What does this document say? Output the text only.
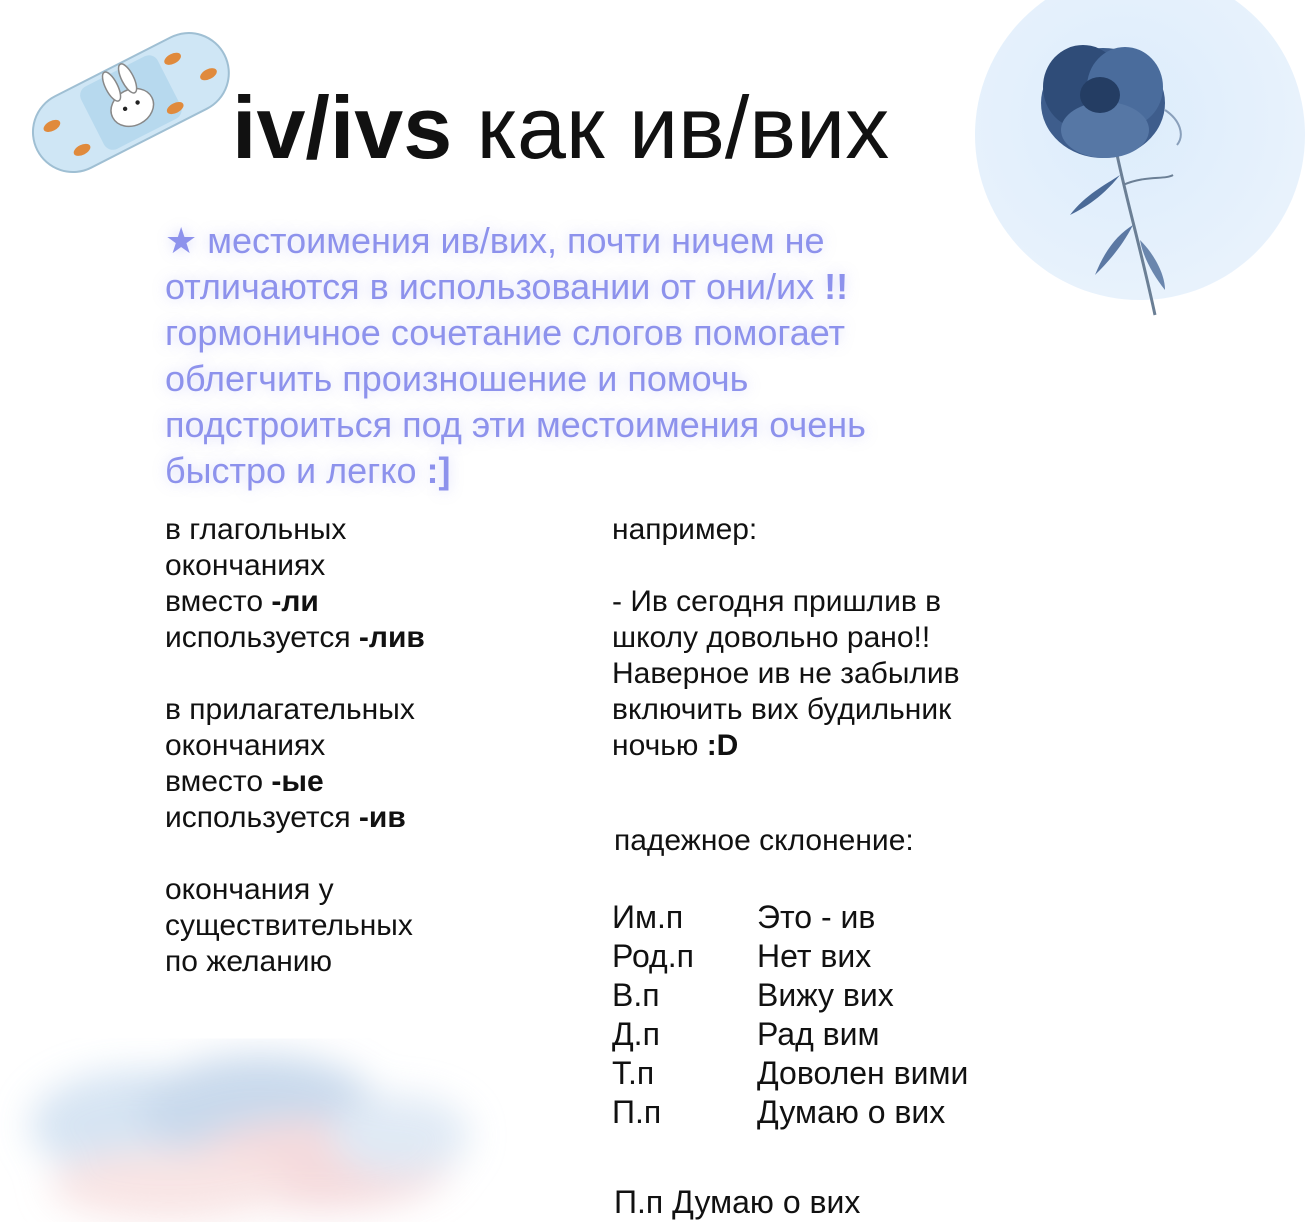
iv/ivs как ив/вих

★ местоимения ив/вих, почти ничем не

отличаются в использовании от они/их !!

гормоничное сочетание слогов помогает

облегчить произношение и помочь

подстроиться под эти местоимения очень

быстро и легко :]

в глагольных

окончаниях

вместо -ли

используется -лив

в прилагательных

окончаниях

вместо -ые

используется -ив

окончания у

существительных

по желанию

например:

- Ив сегодня пришлив в

школу довольно рано!!

Наверное ив не забылив

включить вих будильник

ночью :D

падежное склонение:

Им.п Это - ив
Род.п Нет вих
В.п	Вижу вих
Д.п	Рад вим
Т.п	Доволен вими
П.п	Думаю о вих
П.п Думаю о вих
